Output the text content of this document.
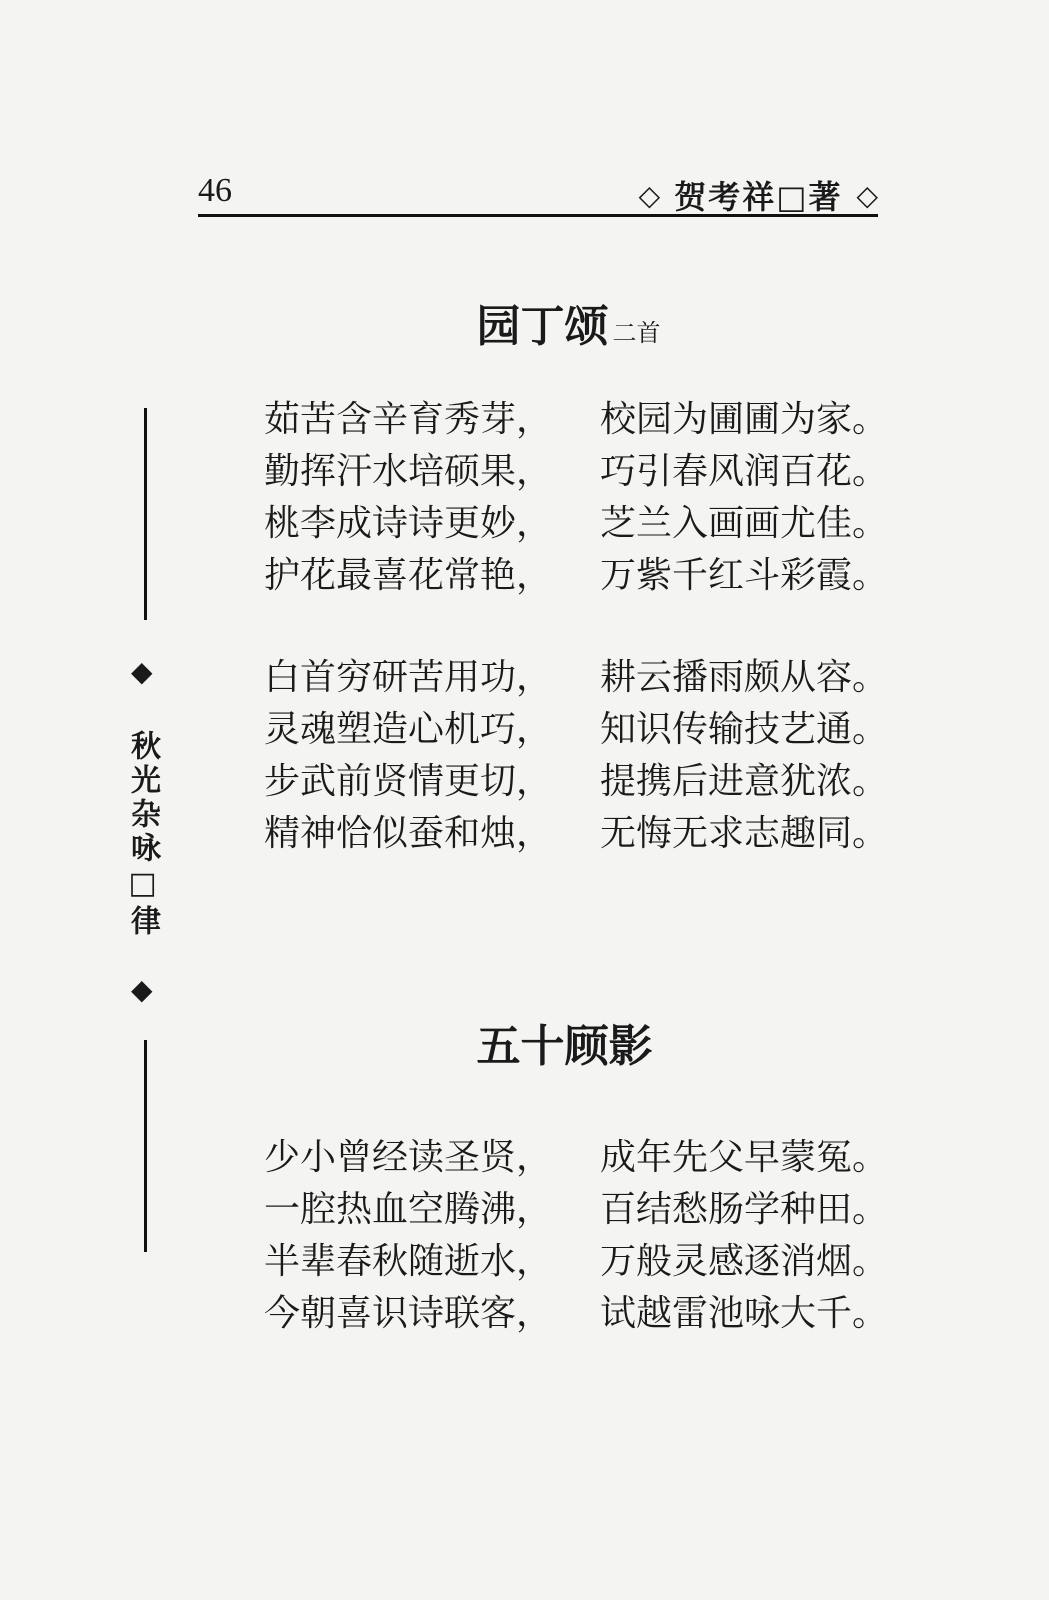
46	◇ 贺考祥□著 ◇
◆
秋光杂咏□律
◆
园丁颂 二首
茹苦含辛育秀芽，	校园为圃圃为家。
勤挥汗水培硕果，	巧引春风润百花。
桃李成诗诗更妙，	芝兰入画画尤佳。
护花最喜花常艳，	万紫千红斗彩霞。
白首穷研苦用功，	耕云播雨颇从容。
灵魂塑造心机巧，	知识传输技艺通。
步武前贤情更切，	提携后进意犹浓。
精神恰似蚕和烛，	无悔无求志趣同。
五十顾影
少小曾经读圣贤，	成年先父早蒙冤。
一腔热血空腾沸，	百结愁肠学种田。
半辈春秋随逝水，	万般灵感逐消烟。
今朝喜识诗联客，	试越雷池咏大千。
